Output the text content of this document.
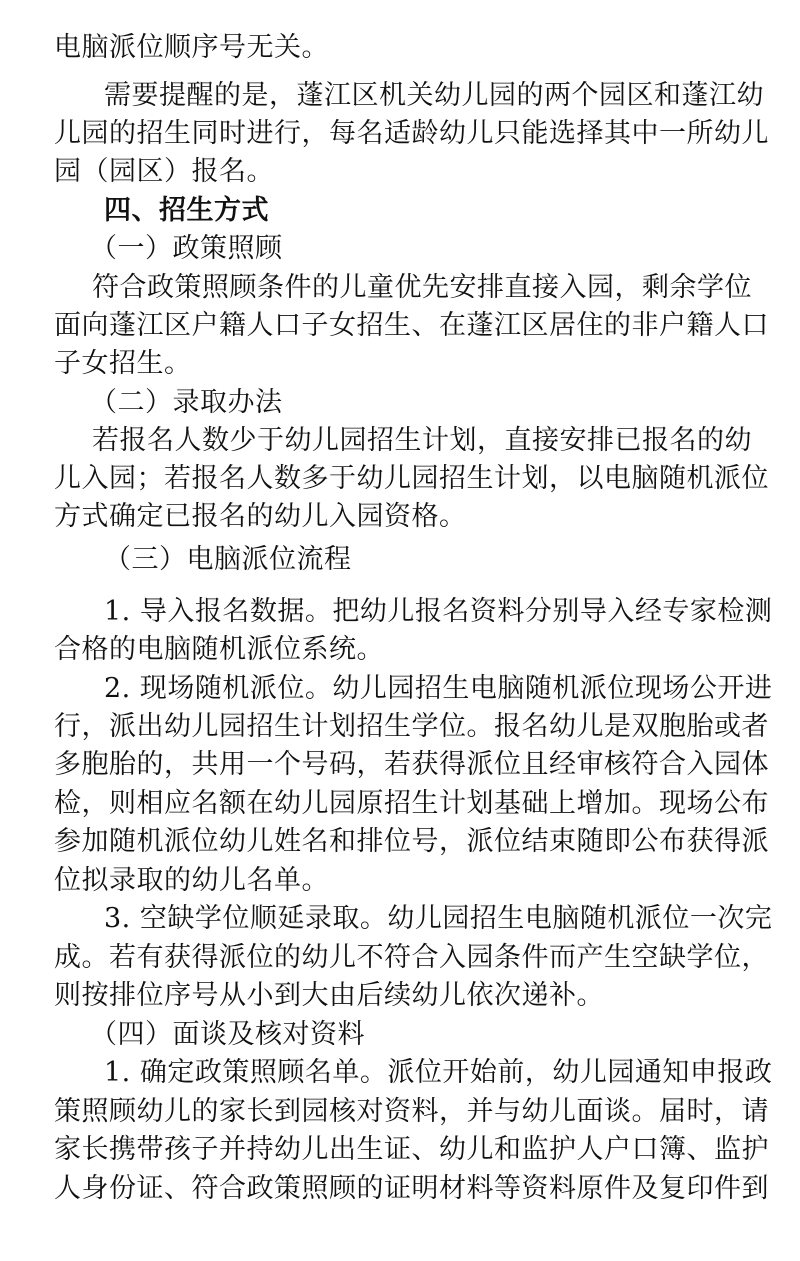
电脑派位顺序号无关。
需要提醒的是，蓬江区机关幼儿园的两个园区和蓬江幼
儿园的招生同时进行，每名适龄幼儿只能选择其中一所幼儿
园（园区）报名。
四、招生方式
（一）政策照顾
符合政策照顾条件的儿童优先安排直接入园，剩余学位
面向蓬江区户籍人口子女招生、在蓬江区居住的非户籍人口
子女招生。
（二）录取办法
若报名人数少于幼儿园招生计划，直接安排已报名的幼
儿入园；若报名人数多于幼儿园招生计划，以电脑随机派位
方式确定已报名的幼儿入园资格。
（三）电脑派位流程
1. 导入报名数据。把幼儿报名资料分别导入经专家检测
合格的电脑随机派位系统。
2. 现场随机派位。幼儿园招生电脑随机派位现场公开进
行，派出幼儿园招生计划招生学位。报名幼儿是双胞胎或者
多胞胎的，共用一个号码，若获得派位且经审核符合入园体
检，则相应名额在幼儿园原招生计划基础上增加。现场公布
参加随机派位幼儿姓名和排位号，派位结束随即公布获得派
位拟录取的幼儿名单。
3. 空缺学位顺延录取。幼儿园招生电脑随机派位一次完
成。若有获得派位的幼儿不符合入园条件而产生空缺学位，
则按排位序号从小到大由后续幼儿依次递补。
（四）面谈及核对资料
1. 确定政策照顾名单。派位开始前，幼儿园通知申报政
策照顾幼儿的家长到园核对资料，并与幼儿面谈。届时，请
家长携带孩子并持幼儿出生证、幼儿和监护人户口簿、监护
人身份证、符合政策照顾的证明材料等资料原件及复印件到
